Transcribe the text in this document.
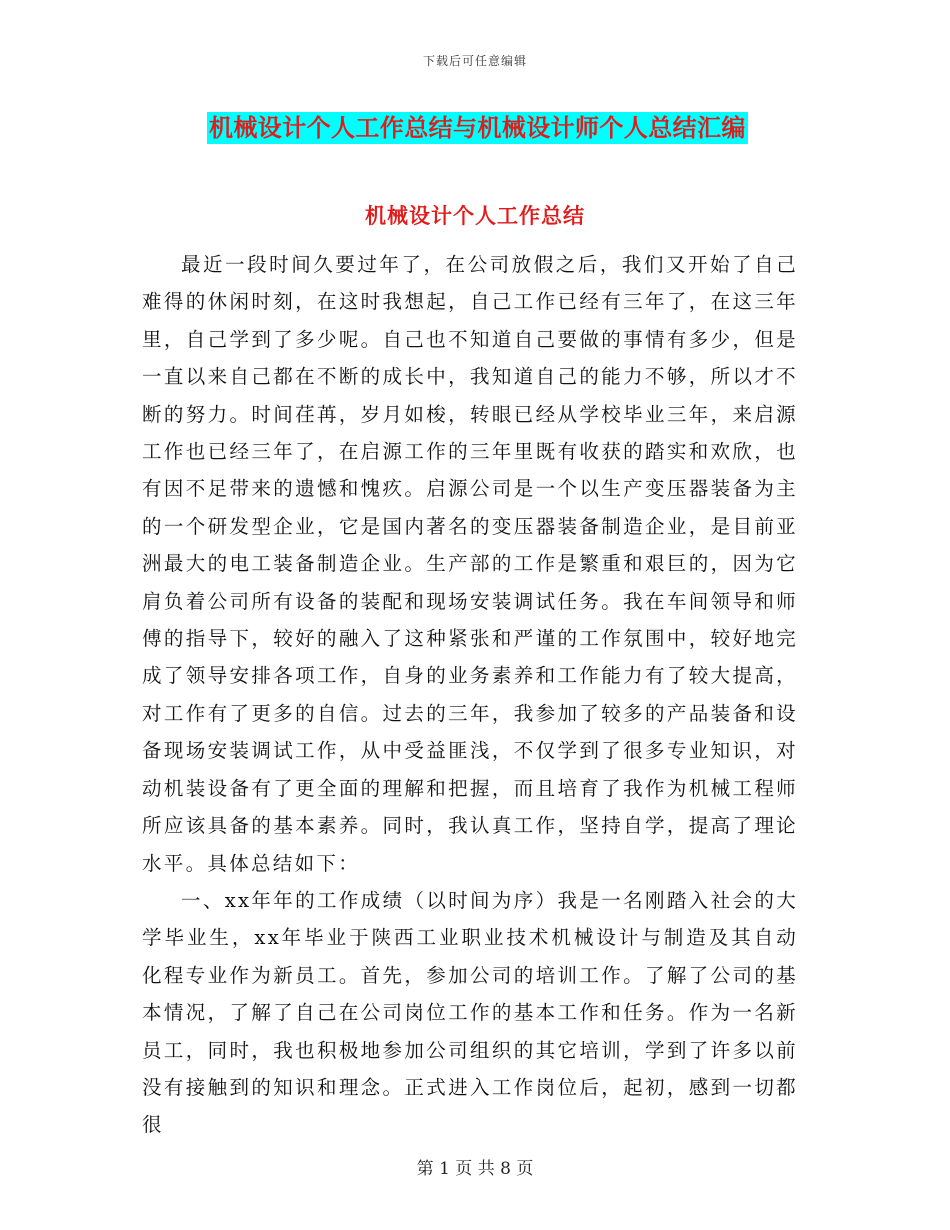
下载后可任意编辑
机械设计个人工作总结与机械设计师个人总结汇编
机械设计个人工作总结

最近一段时间久要过年了，在公司放假之后，我们又开始了自己难得的休闲时刻，在这时我想起，自己工作已经有三年了，在这三年里，自己学到了多少呢。自己也不知道自己要做的事情有多少，但是一直以来自己都在不断的成长中，我知道自己的能力不够，所以才不断的努力。时间荏苒，岁月如梭，转眼已经从学校毕业三年，来启源工作也已经三年了，在启源工作的三年里既有收获的踏实和欢欣，也有因不足带来的遗憾和愧疚。启源公司是一个以生产变压器装备为主的一个研发型企业，它是国内著名的变压器装备制造企业，是目前亚洲最大的电工装备制造企业。生产部的工作是繁重和艰巨的，因为它肩负着公司所有设备的装配和现场安装调试任务。我在车间领导和师傅的指导下，较好的融入了这种紧张和严谨的工作氛围中，较好地完成了领导安排各项工作，自身的业务素养和工作能力有了较大提高，对工作有了更多的自信。过去的三年，我参加了较多的产品装备和设备现场安装调试工作，从中受益匪浅，不仅学到了很多专业知识，对动机装设备有了更全面的理解和把握，而且培育了我作为机械工程师所应该具备的基本素养。同时，我认真工作，坚持自学，提高了理论水平。具体总结如下：

一、xx年年的工作成绩（以时间为序）我是一名刚踏入社会的大学毕业生，xx年毕业于陕西工业职业技术机械设计与制造及其自动化程专业作为新员工。首先，参加公司的培训工作。了解了公司的基本情况，了解了自己在公司岗位工作的基本工作和任务。作为一名新员工，同时，我也积极地参加公司组织的其它培训，学到了许多以前没有接触到的知识和理念。正式进入工作岗位后，起初，感到一切都很

第 1 页 共 8 页
